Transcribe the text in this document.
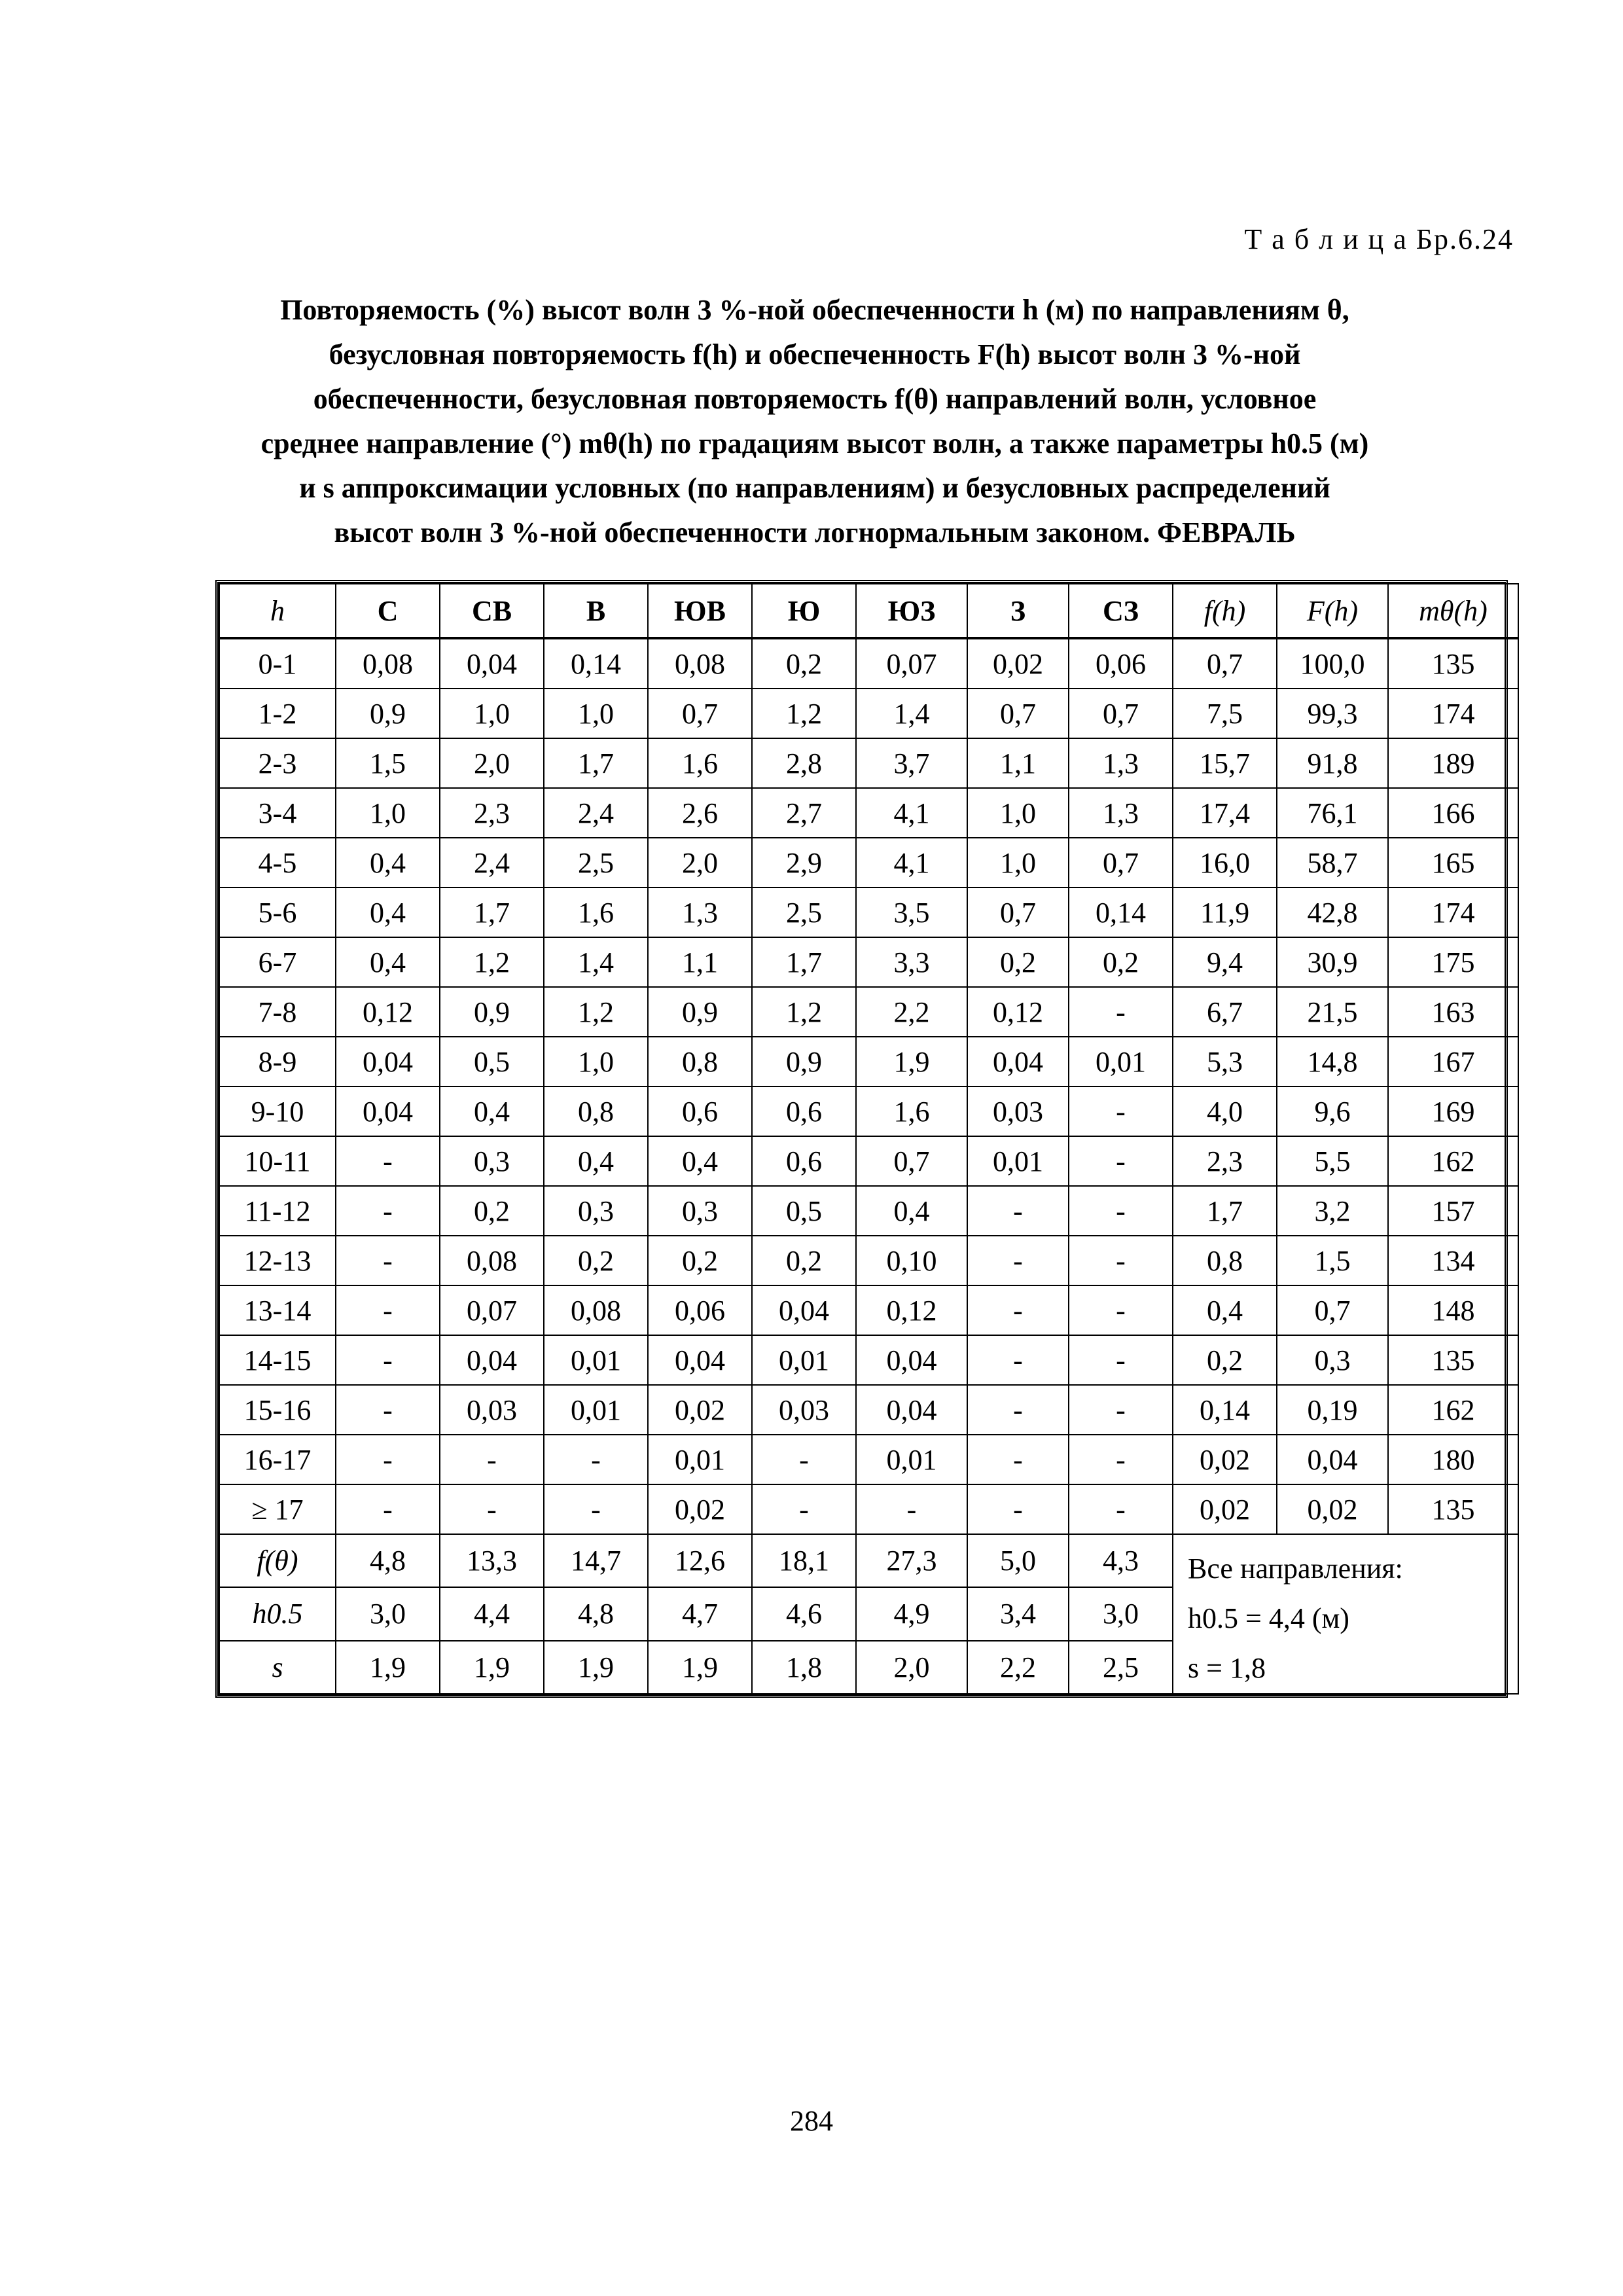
Т а б л и ц а Бр.6.24
Повторяемость (%) высот волн 3 %-ной обеспеченности h (м) по направлениям θ,
безусловная повторяемость f(h) и обеспеченность F(h) высот волн 3 %-ной
обеспеченности, безусловная повторяемость f(θ) направлений волн, условное
среднее направление (°) mθ(h) по градациям высот волн, а также параметры h0.5 (м)
и s аппроксимации условных (по направлениям) и безусловных распределений
высот волн 3 %-ной обеспеченности логнормальным законом. ФЕВРАЛЬ
h	С	СВ	В	ЮВ	Ю	ЮЗ	З	СЗ	f(h)	F(h)	mθ(h)
0-1	0,08	0,04	0,14	0,08	0,2	0,07	0,02	0,06	0,7	100,0	135
1-2	0,9	1,0	1,0	0,7	1,2	1,4	0,7	0,7	7,5	99,3	174
2-3	1,5	2,0	1,7	1,6	2,8	3,7	1,1	1,3	15,7	91,8	189
3-4	1,0	2,3	2,4	2,6	2,7	4,1	1,0	1,3	17,4	76,1	166
4-5	0,4	2,4	2,5	2,0	2,9	4,1	1,0	0,7	16,0	58,7	165
5-6	0,4	1,7	1,6	1,3	2,5	3,5	0,7	0,14	11,9	42,8	174
6-7	0,4	1,2	1,4	1,1	1,7	3,3	0,2	0,2	9,4	30,9	175
7-8	0,12	0,9	1,2	0,9	1,2	2,2	0,12	-	6,7	21,5	163
8-9	0,04	0,5	1,0	0,8	0,9	1,9	0,04	0,01	5,3	14,8	167
9-10	0,04	0,4	0,8	0,6	0,6	1,6	0,03	-	4,0	9,6	169
10-11	-	0,3	0,4	0,4	0,6	0,7	0,01	-	2,3	5,5	162
11-12	-	0,2	0,3	0,3	0,5	0,4	-	-	1,7	3,2	157
12-13	-	0,08	0,2	0,2	0,2	0,10	-	-	0,8	1,5	134
13-14	-	0,07	0,08	0,06	0,04	0,12	-	-	0,4	0,7	148
14-15	-	0,04	0,01	0,04	0,01	0,04	-	-	0,2	0,3	135
15-16	-	0,03	0,01	0,02	0,03	0,04	-	-	0,14	0,19	162
16-17	-	-	-	0,01	-	0,01	-	-	0,02	0,04	180
≥ 17	-	-	-	0,02	-	-	-	-	0,02	0,02	135
f(θ)	4,8	13,3	14,7	12,6	18,1	27,3	5,0	4,3	Все направления:
h0.5 = 4,4 (м)
s = 1,8		

h0.5	3,0	4,4	4,8	4,7	4,6	4,9	3,4	3,0			
s	1,9	1,9	1,9	1,9	1,8	2,0	2,2	2,5			
284
